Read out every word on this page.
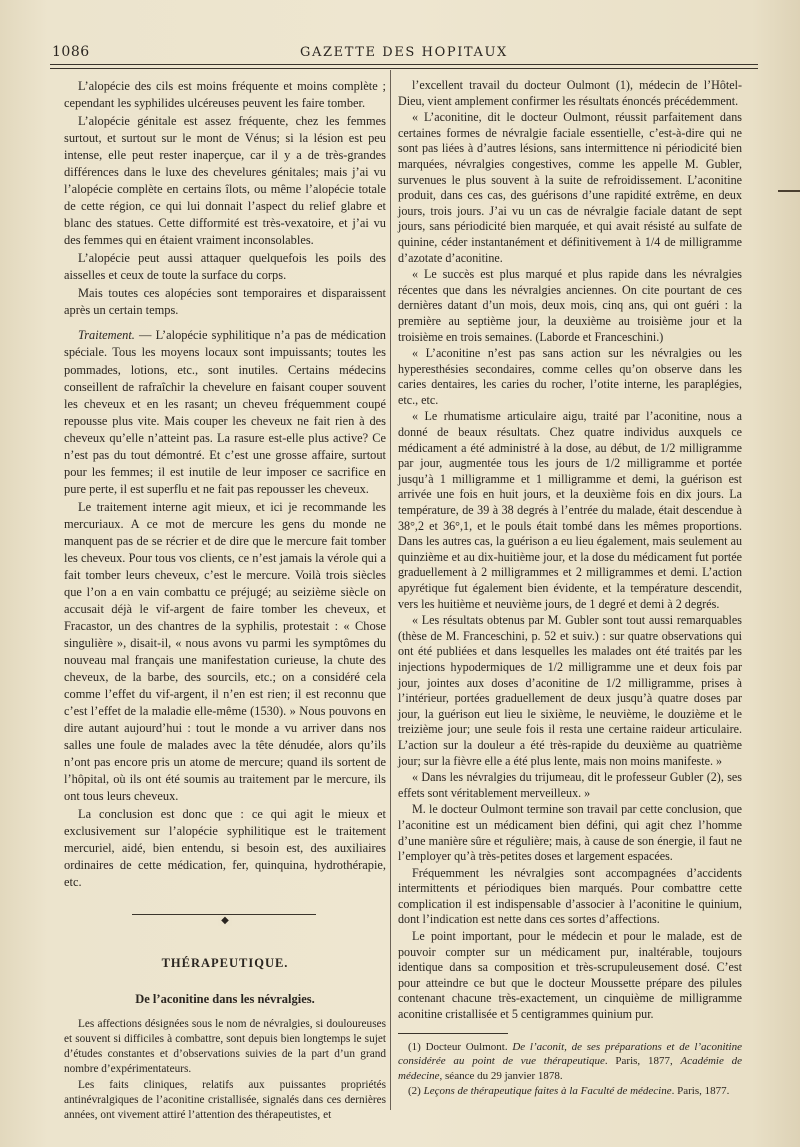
1086	GAZETTE DES HOPITAUX

L’alopécie des cils est moins fréquente et moins complète ; cependant les syphilides ulcéreuses peuvent les faire tomber.

L’alopécie génitale est assez fréquente, chez les femmes surtout, et surtout sur le mont de Vénus; si la lésion est peu intense, elle peut rester inaperçue, car il y a de très-grandes différences dans le luxe des chevelures génitales; mais j’ai vu l’alopécie complète en certains îlots, ou même l’alopécie totale de cette région, ce qui lui donnait l’aspect du relief glabre et blanc des statues. Cette difformité est très-vexatoire, et j’ai vu des femmes qui en étaient vraiment inconsolables.

L’alopécie peut aussi attaquer quelquefois les poils des aisselles et ceux de toute la surface du corps.

Mais toutes ces alopécies sont temporaires et disparaissent après un certain temps.

Traitement. — L’alopécie syphilitique n’a pas de médication spéciale. Tous les moyens locaux sont impuissants; toutes les pommades, lotions, etc., sont inutiles. Certains médecins conseillent de rafraîchir la chevelure en faisant couper souvent les cheveux et en les rasant; un cheveu fréquemment coupé repousse plus vite. Mais couper les cheveux ne fait rien à des cheveux qu’elle n’atteint pas. La rasure est-elle plus active? Ce n’est pas du tout démontré. Et c’est une grosse affaire, surtout pour les femmes; il est inutile de leur imposer ce sacrifice en pure perte, il est superflu et ne fait pas repousser les cheveux.

Le traitement interne agit mieux, et ici je recommande les mercuriaux. A ce mot de mercure les gens du monde ne manquent pas de se récrier et de dire que le mercure fait tomber les cheveux. Pour tous vos clients, ce n’est jamais la vérole qui a fait tomber leurs cheveux, c’est le mercure. Voilà trois siècles que l’on a en vain combattu ce préjugé; au seizième siècle on accusait déjà le vif-argent de faire tomber les cheveux, et Fracastor, un des chantres de la syphilis, protestait : « Chose singulière », disait-il, « nous avons vu parmi les symptômes du nouveau mal français une manifestation curieuse, la chute des cheveux, de la barbe, des sourcils, etc.; on a considéré cela comme l’effet du vif-argent, il n’en est rien; il est reconnu que c’est l’effet de la maladie elle-même (1530). » Nous pouvons en dire autant aujourd’hui : tout le monde a vu arriver dans nos salles une foule de malades avec la tête dénudée, alors qu’ils n’ont pas encore pris un atome de mercure; quand ils sortent de l’hôpital, où ils ont été soumis au traitement par le mercure, ils ont tous leurs cheveux.

La conclusion est donc que : ce qui agit le mieux et exclusivement sur l’alopécie syphilitique est le traitement mercuriel, aidé, bien entendu, si besoin est, des auxiliaires ordinaires de cette médication, fer, quinquina, hydrothérapie, etc.

◆

THÉRAPEUTIQUE.

De l’aconitine dans les névralgies.

Les affections désignées sous le nom de névralgies, si douloureuses et souvent si difficiles à combattre, sont depuis bien longtemps le sujet d’études constantes et d’observations suivies de la part d’un grand nombre d’expérimentateurs.

Les faits cliniques, relatifs aux puissantes propriétés antinévralgiques de l’aconitine cristallisée, signalés dans ces dernières années, ont vivement attiré l’attention des thérapeutistes, et

l’excellent travail du docteur Oulmont (1), médecin de l’Hôtel-Dieu, vient amplement confirmer les résultats énoncés précédemment.

« L’aconitine, dit le docteur Oulmont, réussit parfaitement dans certaines formes de névralgie faciale essentielle, c’est-à-dire qui ne sont pas liées à d’autres lésions, sans intermittence ni périodicité bien marquées, névralgies congestives, comme les appelle M. Gubler, survenues le plus souvent à la suite de refroidissement. L’aconitine produit, dans ces cas, des guérisons d’une rapidité extrême, en deux jours, trois jours. J’ai vu un cas de névralgie faciale datant de sept jours, sans périodicité bien marquée, et qui avait résisté au sulfate de quinine, céder instantanément et définitivement à 1/4 de milligramme d’azotate d’aconitine.

« Le succès est plus marqué et plus rapide dans les névralgies récentes que dans les névralgies anciennes. On cite pourtant de ces dernières datant d’un mois, deux mois, cinq ans, qui ont guéri : la première au septième jour, la deuxième au troisième jour et la troisième en trois semaines. (Laborde et Franceschini.)

« L’aconitine n’est pas sans action sur les névralgies ou les hyperesthésies secondaires, comme celles qu’on observe dans les caries dentaires, les caries du rocher, l’otite interne, les paraplégies, etc., etc.

« Le rhumatisme articulaire aigu, traité par l’aconitine, nous a donné de beaux résultats. Chez quatre individus auxquels ce médicament a été administré à la dose, au début, de 1/2 milligramme par jour, augmentée tous les jours de 1/2 milligramme et portée jusqu’à 1 milligramme et 1 milligramme et demi, la guérison est arrivée une fois en huit jours, et la deuxième fois en dix jours. La température, de 39 à 38 degrés à l’entrée du malade, était descendue à 38°,2 et 36°,1, et le pouls était tombé dans les mêmes proportions. Dans les autres cas, la guérison a eu lieu également, mais seulement au quinzième et au dix-huitième jour, et la dose du médicament fut portée graduellement à 2 milligrammes et 2 milligrammes et demi. L’action apyrétique fut également bien évidente, et la température descendit, vers les huitième et neuvième jours, de 1 degré et demi à 2 degrés.

« Les résultats obtenus par M. Gubler sont tout aussi remarquables (thèse de M. Franceschini, p. 52 et suiv.) : sur quatre observations qui ont été publiées et dans lesquelles les malades ont été traités par les injections hypodermiques de 1/2 milligramme une et deux fois par jour, jointes aux doses d’aconitine de 1/2 milligramme, prises à l’intérieur, portées graduellement de deux jusqu’à quatre doses par jour, la guérison eut lieu le sixième, le neuvième, le douzième et le treizième jour; une seule fois il resta une certaine raideur articulaire. L’action sur la douleur a été très-rapide du deuxième au quatrième jour; sur la fièvre elle a été plus lente, mais non moins manifeste. »

« Dans les névralgies du trijumeau, dit le professeur Gubler (2), ses effets sont véritablement merveilleux. »

M. le docteur Oulmont termine son travail par cette conclusion, que l’aconitine est un médicament bien défini, qui agit chez l’homme d’une manière sûre et régulière; mais, à cause de son énergie, il faut ne l’employer qu’à très-petites doses et largement espacées.

Fréquemment les névralgies sont accompagnées d’accidents intermittents et périodiques bien marqués. Pour combattre cette complication il est indispensable d’associer à l’aconitine le quinium, dont l’indication est nette dans ces sortes d’affections.

Le point important, pour le médecin et pour le malade, est de pouvoir compter sur un médicament pur, inaltérable, toujours identique dans sa composition et très-scrupuleusement dosé. C’est pour atteindre ce but que le docteur Moussette prépare des pilules contenant chacune très-exactement, un cinquième de milligramme aconitine cristallisée et 5 centigrammes quinium pur.

(1) Docteur Oulmont. De l’aconit, de ses préparations et de l’aconitine considérée au point de vue thérapeutique. Paris, 1877, Académie de médecine, séance du 29 janvier 1878.

(2) Leçons de thérapeutique faites à la Faculté de médecine. Paris, 1877.
